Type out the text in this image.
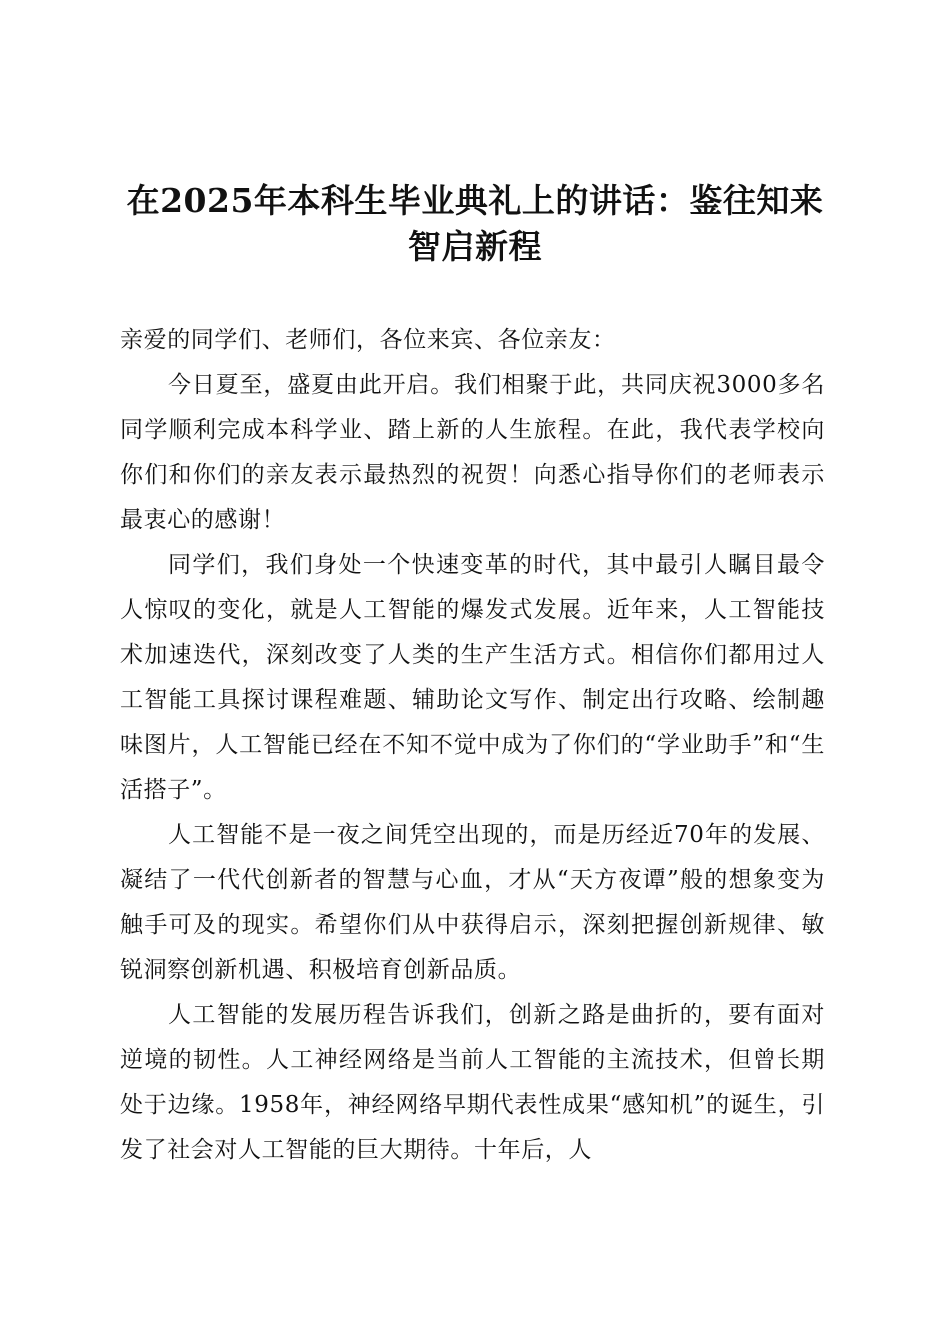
在2025年本科生毕业典礼上的讲话：鉴往知来 智启新程

亲爱的同学们、老师们，各位来宾、各位亲友：

今日夏至，盛夏由此开启。我们相聚于此，共同庆祝3000多名同学顺利完成本科学业、踏上新的人生旅程。在此，我代表学校向你们和你们的亲友表示最热烈的祝贺！向悉心指导你们的老师表示最衷心的感谢！

同学们，我们身处一个快速变革的时代，其中最引人瞩目最令人惊叹的变化，就是人工智能的爆发式发展。近年来，人工智能技术加速迭代，深刻改变了人类的生产生活方式。相信你们都用过人工智能工具探讨课程难题、辅助论文写作、制定出行攻略、绘制趣味图片，人工智能已经在不知不觉中成为了你们的“学业助手”和“生活搭子”。

人工智能不是一夜之间凭空出现的，而是历经近70年的发展、凝结了一代代创新者的智慧与心血，才从“天方夜谭”般的想象变为触手可及的现实。希望你们从中获得启示，深刻把握创新规律、敏锐洞察创新机遇、积极培育创新品质。

人工智能的发展历程告诉我们，创新之路是曲折的，要有面对逆境的韧性。人工神经网络是当前人工智能的主流技术，但曾长期处于边缘。1958年，神经网络早期代表性成果“感知机”的诞生，引发了社会对人工智能的巨大期待。十年后，人
